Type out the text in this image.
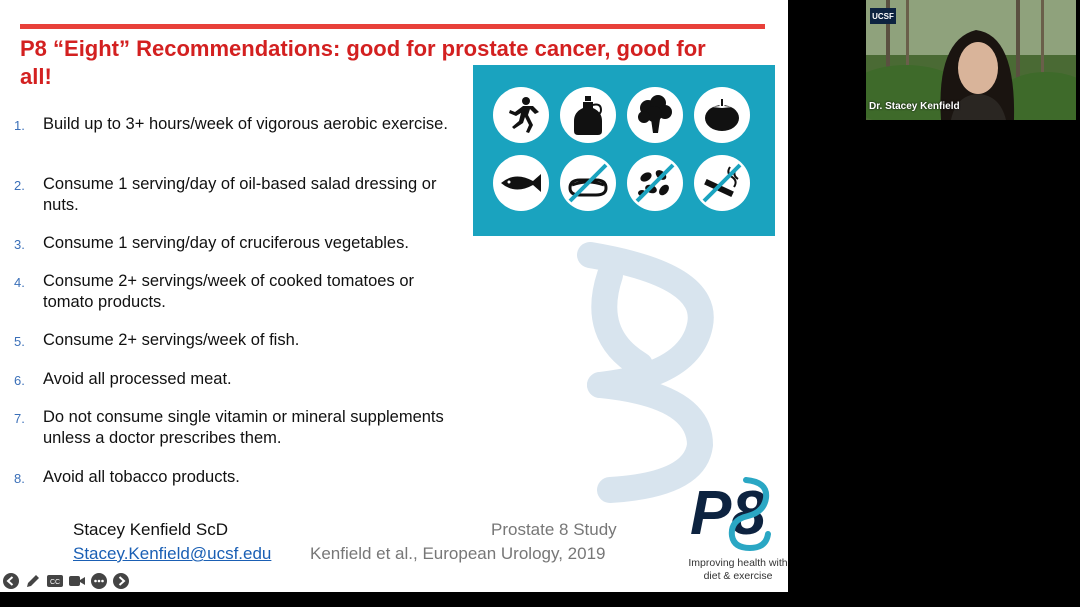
P8 “Eight” Recommendations: good for prostate cancer, good for all!
1.	Build up to 3+ hours/week of vigorous aerobic exercise.
2.	Consume 1 serving/day of oil-based salad dressing or nuts.
3.	Consume 1 serving/day of cruciferous vegetables.
4.	Consume 2+ servings/week of cooked tomatoes or tomato products.
5.	Consume 2+ servings/week of fish.
6.	Avoid all processed meat.
7.	Do not consume single vitamin or mineral supplements unless a doctor prescribes them.
8.	Avoid all tobacco products.
Stacey Kenfield ScD
Stacey.Kenfield@ucsf.edu
Prostate 8 Study
Kenfield et al., European Urology, 2019
P8
Improving health with diet & exercise
CC
UCSF
Dr. Stacey Kenfield
